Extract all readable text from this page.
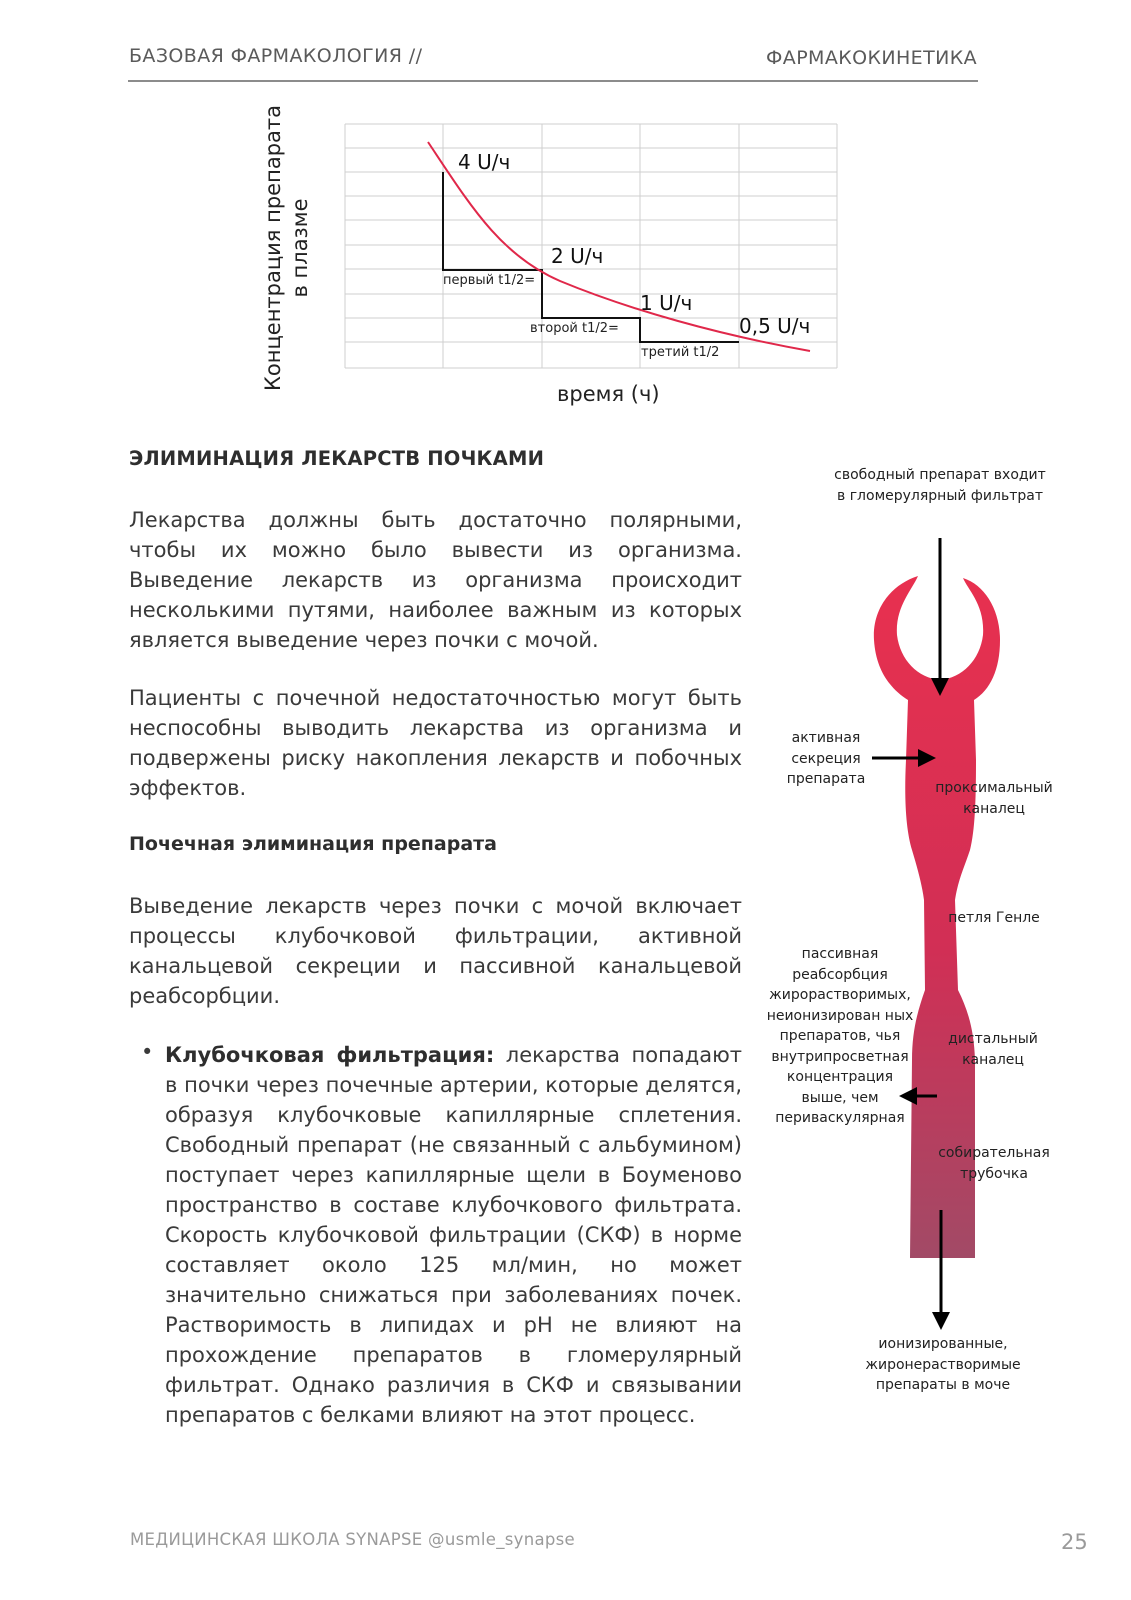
БАЗОВАЯ ФАРМАКОЛОГИЯ //	ФАРМАКОКИНЕТИКА
Концентрация препарата в плазме
время (ч)
4 U/ч
2 U/ч
1 U/ч
0,5 U/ч
первый t1/2=
второй t1/2=
третий t1/2
ЭЛИМИНАЦИЯ ЛЕКАРСТВ ПОЧКАМИ
Лекарства должны быть достаточно полярными, чтобы их можно было вывести из организма. Выведение лекарств из организма происходит несколькими путями, наиболее важным из которых является выведение через почки с мочой.
Пациенты с почечной недостаточностью могут быть неспособны выводить лекарства из организма и подвержены риску накопления лекарств и побочных эффектов.
Почечная элиминация препарата
Выведение лекарств через почки с мочой включает процессы клубочковой фильтрации, активной канальцевой секреции и пассивной канальцевой реабсорбции.
• Клубочковая фильтрация: лекарства попадают в почки через почечные артерии, которые делятся, образуя клубочковые капиллярные сплетения. Свободный препарат (не связанный с альбумином) поступает через капиллярные щели в Боуменово пространство в составе клубочкового фильтрата. Скорость клубочковой фильтрации (СКФ) в норме составляет около 125 мл/мин, но может значительно снижаться при заболеваниях почек. Растворимость в липидах и pH не влияют на прохождение препаратов в гломерулярный фильтрат. Однако различия в СКФ и связывании препаратов с белками влияют на этот процесс.
свободный препарат входит в гломерулярный фильтрат
активная секреция препарата
проксимальный каналец
петля Генле
пассивная реабсорбция жирорастворимых, неионизирован ных препаратов, чья внутрипросветная концентрация выше, чем периваскулярная
дистальный каналец
собирательная трубочка
ионизированные, жиронерастворимые препараты в моче
МЕДИЦИНСКАЯ ШКОЛА SYNAPSE @usmle_synapse	25
